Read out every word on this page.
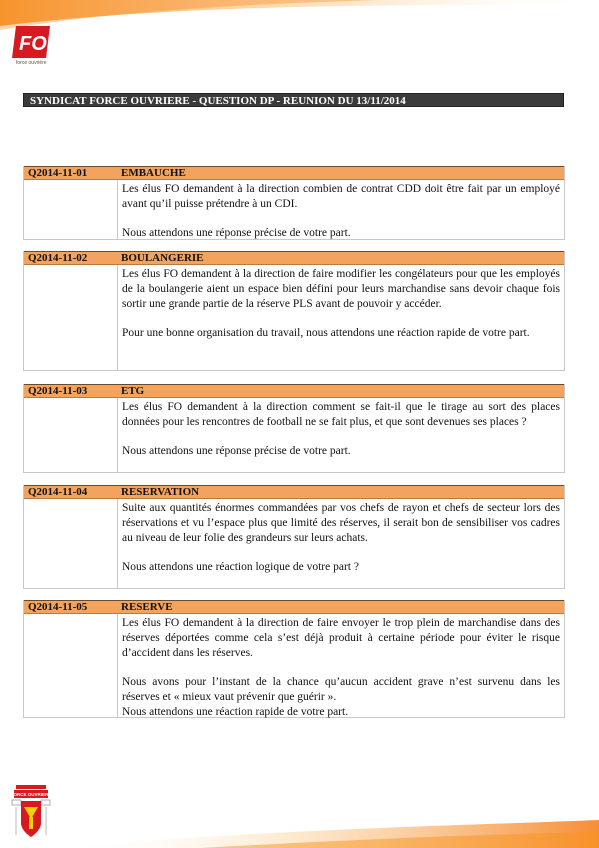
FO
force ouvrière
SYNDICAT FORCE OUVRIERE - QUESTION DP - REUNION DU 13/11/2014
Q2014-11-01	EMBAUCHE

Les élus FO demandent à la direction combien de contrat CDD doit être fait par un employé avant qu’il puisse prétendre à un CDI.

Nous attendons une réponse précise de votre part.

Q2014-11-02	BOULANGERIE

Les élus FO demandent à la direction de faire modifier les congélateurs pour que les employés de la boulangerie aient un espace bien défini pour leurs marchandise sans devoir chaque fois sortir une grande partie de la réserve PLS avant de pouvoir y accéder.

Pour une bonne organisation du travail, nous attendons une réaction rapide de votre part.

Q2014-11-03	ETG

Les élus FO demandent à la direction comment se fait-il que le tirage au sort des places données pour les rencontres de football ne se fait plus, et que sont devenues ses places ?

Nous attendons une réponse précise de votre part.

Q2014-11-04	RESERVATION

Suite aux quantités énormes commandées par vos chefs de rayon et chefs de secteur lors des réservations et vu l’espace plus que limité des réserves, il serait bon de sensibiliser vos cadres au niveau de leur folie des grandeurs sur leurs achats.

Nous attendons une réaction logique de votre part ?

Q2014-11-05	RESERVE

Les élus FO demandent à la direction de faire envoyer le trop plein de marchandise dans des réserves déportées comme cela s’est déjà produit à certaine période pour éviter le risque d’accident dans les réserves.

Nous avons pour l’instant de la chance qu’aucun accident grave n’est survenu dans les réserves et « mieux vaut prévenir que guérir ».

Nous attendons une réaction rapide de votre part.

FORCE OUVRIERE
